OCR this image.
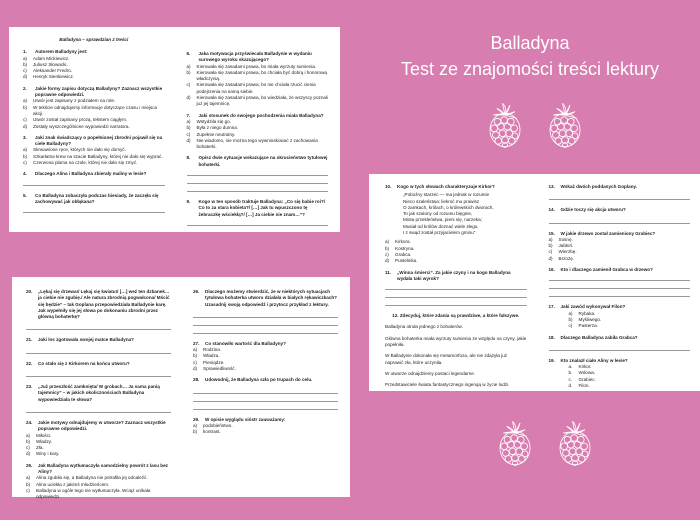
Balladyna
Test ze znajomości treści lektury
Balladyna – sprawdzian z treści
1.	Autorem Balladyny jest:
a)	Adam Mickiewicz.
b)	Juliusz Słowacki.
c)	Aleksander Fredro.
d)	Henryk Sienkiewicz.
2.	Jakie formy zapisu dotyczą Balladyny? Zaznacz wszystkie poprawne odpowiedzi.
a)	Utwór jest zapisany z podziałem na role.
b)	W tekście odnajdujemy informacje dotyczące czasu i miejsca akcji.
c)	Utwór został zapisany prozą, tekstem ciągłym.
d)	Zostały wyszczególnione wypowiedzi narratora.
3.	Jaki znak świadczący o popełnionej zbrodni pojawił się na ciele Balladyny?
a)	Skrwawione ręce, których nie dało się domyć.
b)	Szkarłatna krew na szacie Balladyny, której nie dało się wyprać.
c)	Czerwona plama na czole, której nie dało się zmyć.
4.	Dlaczego Alina i Balladyna zbierały maliny w lesie?
5.	Co Balladyna zobaczyła podczas biesiady, że zaczęła się zachowywać jak obłąkana?
6.	Jaka motywacja przyświecała Balladynie w wydaniu surowego wyroku skazującego?
a)	Kierowała się zasadami prawa, bo miała wyrzuty sumienia.
b)	Kierowała się zasadami prawa, bo chciała być dobrą i honorową władczynią.
c)	Kierowała się zasadami prawa, bo nie chciała rzucić cienia podejrzenia na samą siebie.
d)	Kierowała się zasadami prawa, bo wiedziała, że wszyscy poznali już jej tajemnicę.
7.	Jaki stosunek do swojego pochodzenia miała Balladyna?
a)	Wstydziła się go.
b)	Była z niego dumna.
c)	Zupełnie neutralny.
d)	Nie wiadomo, nie można tego wywnioskować z zachowania bohaterki.
8.	Opisz dwie sytuacje wskazujące na okrucieństwo tytułowej bohaterki.
9.	Kogo w ten sposób traktuje Balladyna: „Co się babie roi?/ Co to za stara kobieta?/ […] Jak tu wpuszczono tę żebraczkę wściekłą?/ […] Ja ciebie nie znam…”?
10.	Kogo w tych słowach charakteryzuje Kirkor?
„Poboźny starzec — ma jednak w rozumie
Nieco szaleństwa: liekroć mu prawisz
O zamkach, królach, o królewskich dworach,
To jak szalony od rozumu bięgnie,
Miota przekleństwa, pieni się, narzeka;
Musiał od królów doznać wiele złego,
I z swąd został przyjacielem gminu”
a)	Kirkora.
b)	Kostryna.
c)	Grabca.
d)	Pustelnika.
11.	„Winna śmierci”. Za jakie czyny i na kogo Balladyna wydała taki wyrok?
12. Zdecyduj, które zdania są prawdziwe, a które fałszywe.
Balladyna otruła jednego z bohaterów.
Główna bohaterka miała wyrzuty sumienia ze względu na czyny, jakie popełniła.
W Balladynie dokonała się metamorfoza, ale nie zdążyła już naprawić zła, które uczyniła.
W utworze odnajdziemy postaci legendarne.
Przedstawiciele świata fantastycznego ingerują w życie ludzi.
13.	Wskaż dwóch poddanych Goplany.
14.	Gdzie toczy się akcja utworu?
15.	W jakie drzewo został zamieniony Grabiec?
a)	Sosnę.
b)	Jabłoń.
c)	Wierzbę.
d)	Brzozę.
16.	Kto i dlaczego zamienił Grabca w drzewo?
17.	Jaki zawód wykonywał Filon?
a)	Rybaka.
b)	Myśliwego.
c)	Pasterza.
18.	Dlaczego Balladyna zabiła Grabca?
19.	Kto znalazł ciało Aliny w lesie?
a.	Kirkor.
b.	Wdowa.
c.	Grabiec.
d.	Filon.
20.	„Lękaj się drzewa!/ Lękaj się kwiatu!/ […] weź ten dzbanek… ja ciebie nie zgubię./ Ale natura zbrodnią pogwałcona/ Mścić się będzie” – tak Goplana przepowiedziała Balladynie karę. Jak wypełniły się jej słowa po dokonaniu zbrodni przez główną bohaterkę?
21.	Jaki los zgotowała swojej matce Balladyna?
22.	Co stało się z Kirkorem na końcu utworu?
23.	„Już przeszłość zamknięta/ W grobach… Ja sama panią tajemnicy” – w jakich okolicznościach Balladyna wypowiedziała te słowa?
24.	Jakie motywy odnajdujemy w utworze? Zaznacz wszystkie poprawne odpowiedzi.
a)	Miłości.
b)	Władzy.
c)	Zła.
d)	Winy i kary.
25.	Jak Balladyna wytłumaczyła samodzielny powrót z lasu bez Aliny?
a)	Alina zgubiła się, a Balladyna nie potrafiła jej odnaleźć.
b)	Alina uciekła z jakimś młodzieńcem.
c)	Balladyna w ogóle tego nie wytłumaczyła. Wciąż unikała odpowiedzi.
26.	Dlaczego możemy stwierdzić, że w niektórych sytuacjach tytułowa bohaterka utworu działała w białych rękawiczkach? Uzasadnij swoją odpowiedź i przytocz przykład z lektury.
27.	Co stanowiło wartość dla Balladyny?
a)	Rodzina.
b)	Władza.
c)	Pieniądze.
d)	Sprawiedliwość.
28.	Udowodnij, że Balladyna szła po trupach do celu.
29.	W opisie wyglądu sióstr zauważamy:
a)	podobieństwo.
b)	kontrast.
